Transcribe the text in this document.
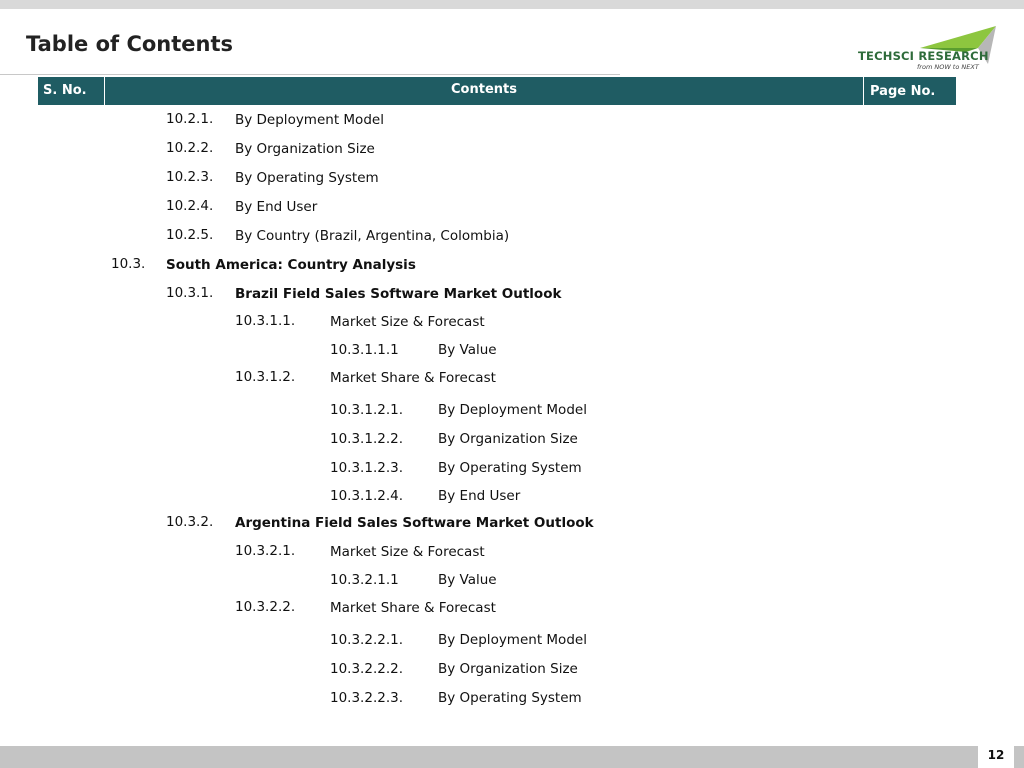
Table of Contents	TECHSCI RESEARCH
from NOW to NEXT
S. No.	Contents	Page No.
10.2.1. By Deployment Model
10.2.2. By Organization Size
10.2.3. By Operating System
10.2.4. By End User
10.2.5. By Country (Brazil, Argentina, Colombia)
10.3. South America: Country Analysis
10.3.1. Brazil Field Sales Software Market Outlook
10.3.1.1.	Market Size & Forecast
10.3.1.1.1	By Value
10.3.1.2.	Market Share & Forecast
10.3.1.2.1.	By Deployment Model
10.3.1.2.2.	By Organization Size
10.3.1.2.3.	By Operating System
10.3.1.2.4.	By End User
10.3.2. Argentina Field Sales Software Market Outlook
10.3.2.1.	Market Size & Forecast
10.3.2.1.1	By Value
10.3.2.2.	Market Share & Forecast
10.3.2.2.1.	By Deployment Model
10.3.2.2.2.	By Organization Size
10.3.2.2.3.	By Operating System
12
